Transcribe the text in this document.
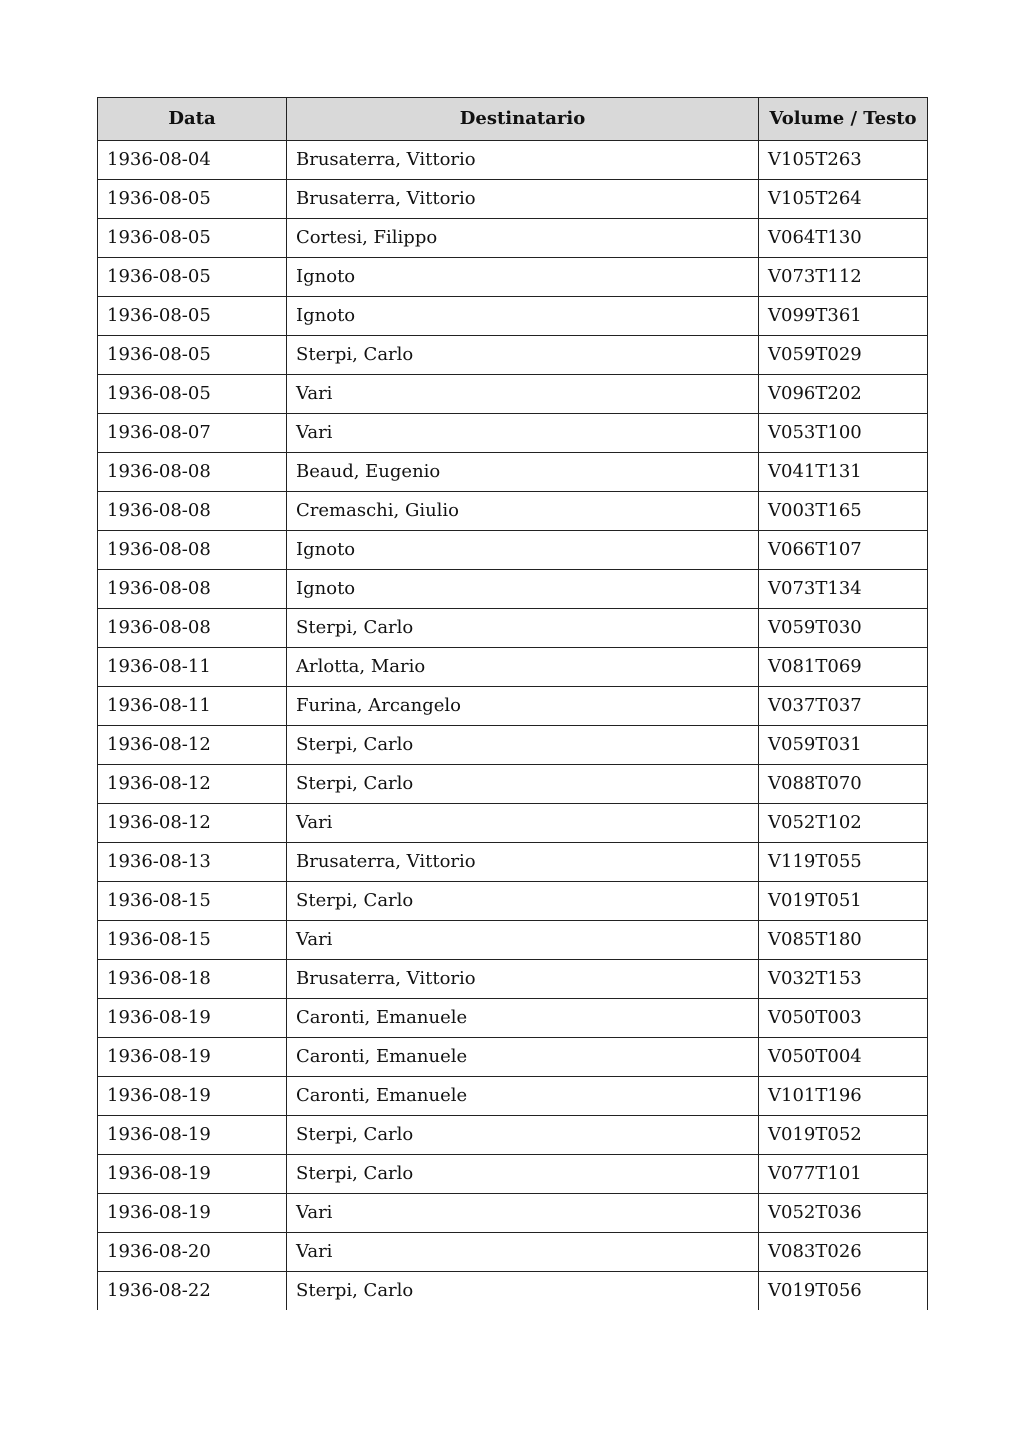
Data	Destinatario	Volume / Testo
1936-08-04	Brusaterra, Vittorio	V105T263
1936-08-05	Brusaterra, Vittorio	V105T264
1936-08-05	Cortesi, Filippo	V064T130
1936-08-05	Ignoto	V073T112
1936-08-05	Ignoto	V099T361
1936-08-05	Sterpi, Carlo	V059T029
1936-08-05	Vari	V096T202
1936-08-07	Vari	V053T100
1936-08-08	Beaud, Eugenio	V041T131
1936-08-08	Cremaschi, Giulio	V003T165
1936-08-08	Ignoto	V066T107
1936-08-08	Ignoto	V073T134
1936-08-08	Sterpi, Carlo	V059T030
1936-08-11	Arlotta, Mario	V081T069
1936-08-11	Furina, Arcangelo	V037T037
1936-08-12	Sterpi, Carlo	V059T031
1936-08-12	Sterpi, Carlo	V088T070
1936-08-12	Vari	V052T102
1936-08-13	Brusaterra, Vittorio	V119T055
1936-08-15	Sterpi, Carlo	V019T051
1936-08-15	Vari	V085T180
1936-08-18	Brusaterra, Vittorio	V032T153
1936-08-19	Caronti, Emanuele	V050T003
1936-08-19	Caronti, Emanuele	V050T004
1936-08-19	Caronti, Emanuele	V101T196
1936-08-19	Sterpi, Carlo	V019T052
1936-08-19	Sterpi, Carlo	V077T101
1936-08-19	Vari	V052T036
1936-08-20	Vari	V083T026
1936-08-22	Sterpi, Carlo	V019T056
